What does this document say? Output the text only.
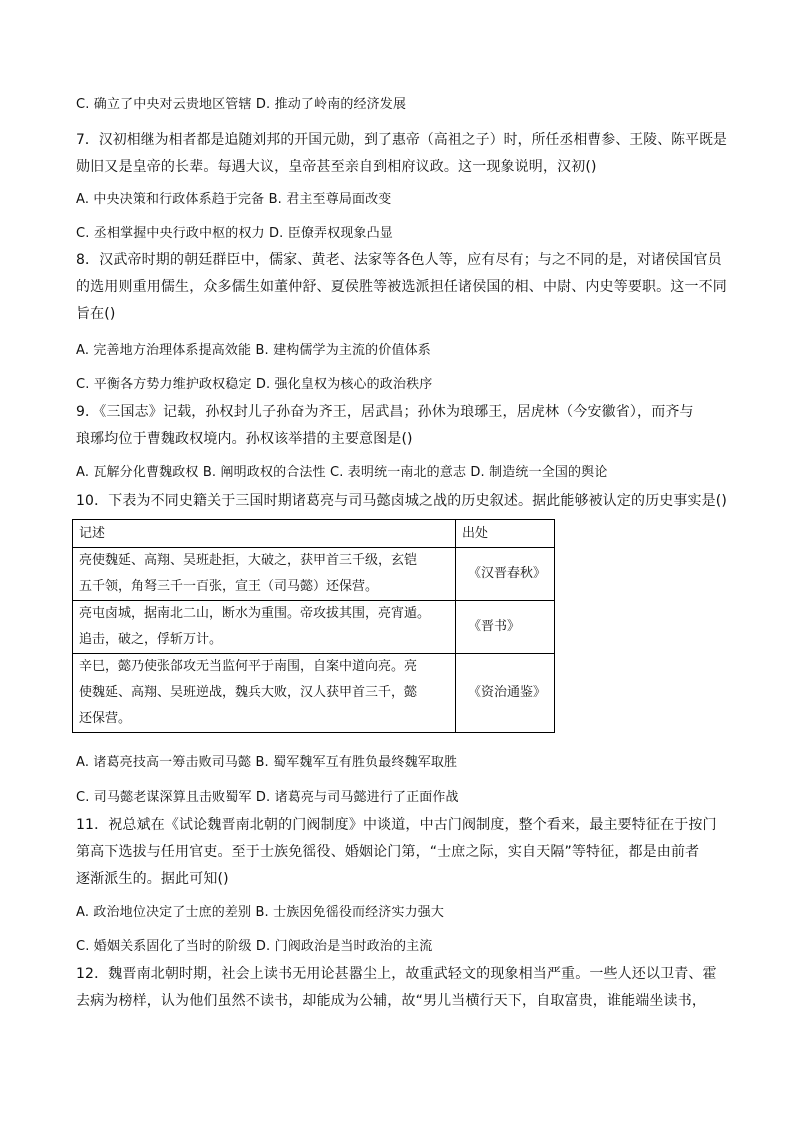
C. 确立了中央对云贵地区管辖 D. 推动了岭南的经济发展
7．汉初相继为相者都是追随刘邦的开国元勋，到了惠帝（高祖之子）时，所任丞相曹参、王陵、陈平既是
勋旧又是皇帝的长辈。每遇大议，皇帝甚至亲自到相府议政。这一现象说明，汉初()
A. 中央决策和行政体系趋于完备 B. 君主至尊局面改变
C. 丞相掌握中央行政中枢的权力 D. 臣僚弄权现象凸显
8．汉武帝时期的朝廷群臣中，儒家、黄老、法家等各色人等，应有尽有；与之不同的是，对诸侯国官员
的选用则重用儒生，众多儒生如董仲舒、夏侯胜等被选派担任诸侯国的相、中尉、内史等要职。这一不同
旨在()
A. 完善地方治理体系提高效能 B. 建构儒学为主流的价值体系
C. 平衡各方势力维护政权稳定 D. 强化皇权为核心的政治秩序
9．《三国志》记载，孙权封儿子孙奋为齐王，居武昌；孙休为琅琊王，居虎林（今安徽省），而齐与
琅琊均位于曹魏政权境内。孙权该举措的主要意图是()
A. 瓦解分化曹魏政权 B. 阐明政权的合法性 C. 表明统一南北的意志 D. 制造统一全国的舆论
10．下表为不同史籍关于三国时期诸葛亮与司马懿卤城之战的历史叙述。据此能够被认定的历史事实是()
记述	出处

亮使魏延、高翔、吴班赴拒，大破之，获甲首三千级，玄铠
五千领，角弩三千一百张，宣王（司马懿）还保营。	《汉晋春秋》

亮屯卤城，据南北二山，断水为重围。帝攻拔其围，亮宵遁。
追击，破之，俘斩万计。	《晋书》

辛巳，懿乃使张郃攻无当监何平于南围，自案中道向亮。亮
使魏延、高翔、吴班逆战，魏兵大败，汉人获甲首三千，懿
还保营。	《资治通鉴》
A. 诸葛亮技高一筹击败司马懿 B. 蜀军魏军互有胜负最终魏军取胜
C. 司马懿老谋深算且击败蜀军 D. 诸葛亮与司马懿进行了正面作战
11．祝总斌在《试论魏晋南北朝的门阀制度》中谈道，中古门阀制度，整个看来，最主要特征在于按门
第高下选拔与任用官吏。至于士族免徭役、婚姻论门第，“士庶之际，实自天隔”等特征，都是由前者
逐渐派生的。据此可知()
A. 政治地位决定了士庶的差别 B. 士族因免徭役而经济实力强大
C. 婚姻关系固化了当时的阶级 D. 门阀政治是当时政治的主流
12．魏晋南北朝时期，社会上读书无用论甚嚣尘上，故重武轻文的现象相当严重。一些人还以卫青、霍
去病为榜样，认为他们虽然不读书，却能成为公辅，故“男儿当横行天下，自取富贵，谁能端坐读书，
